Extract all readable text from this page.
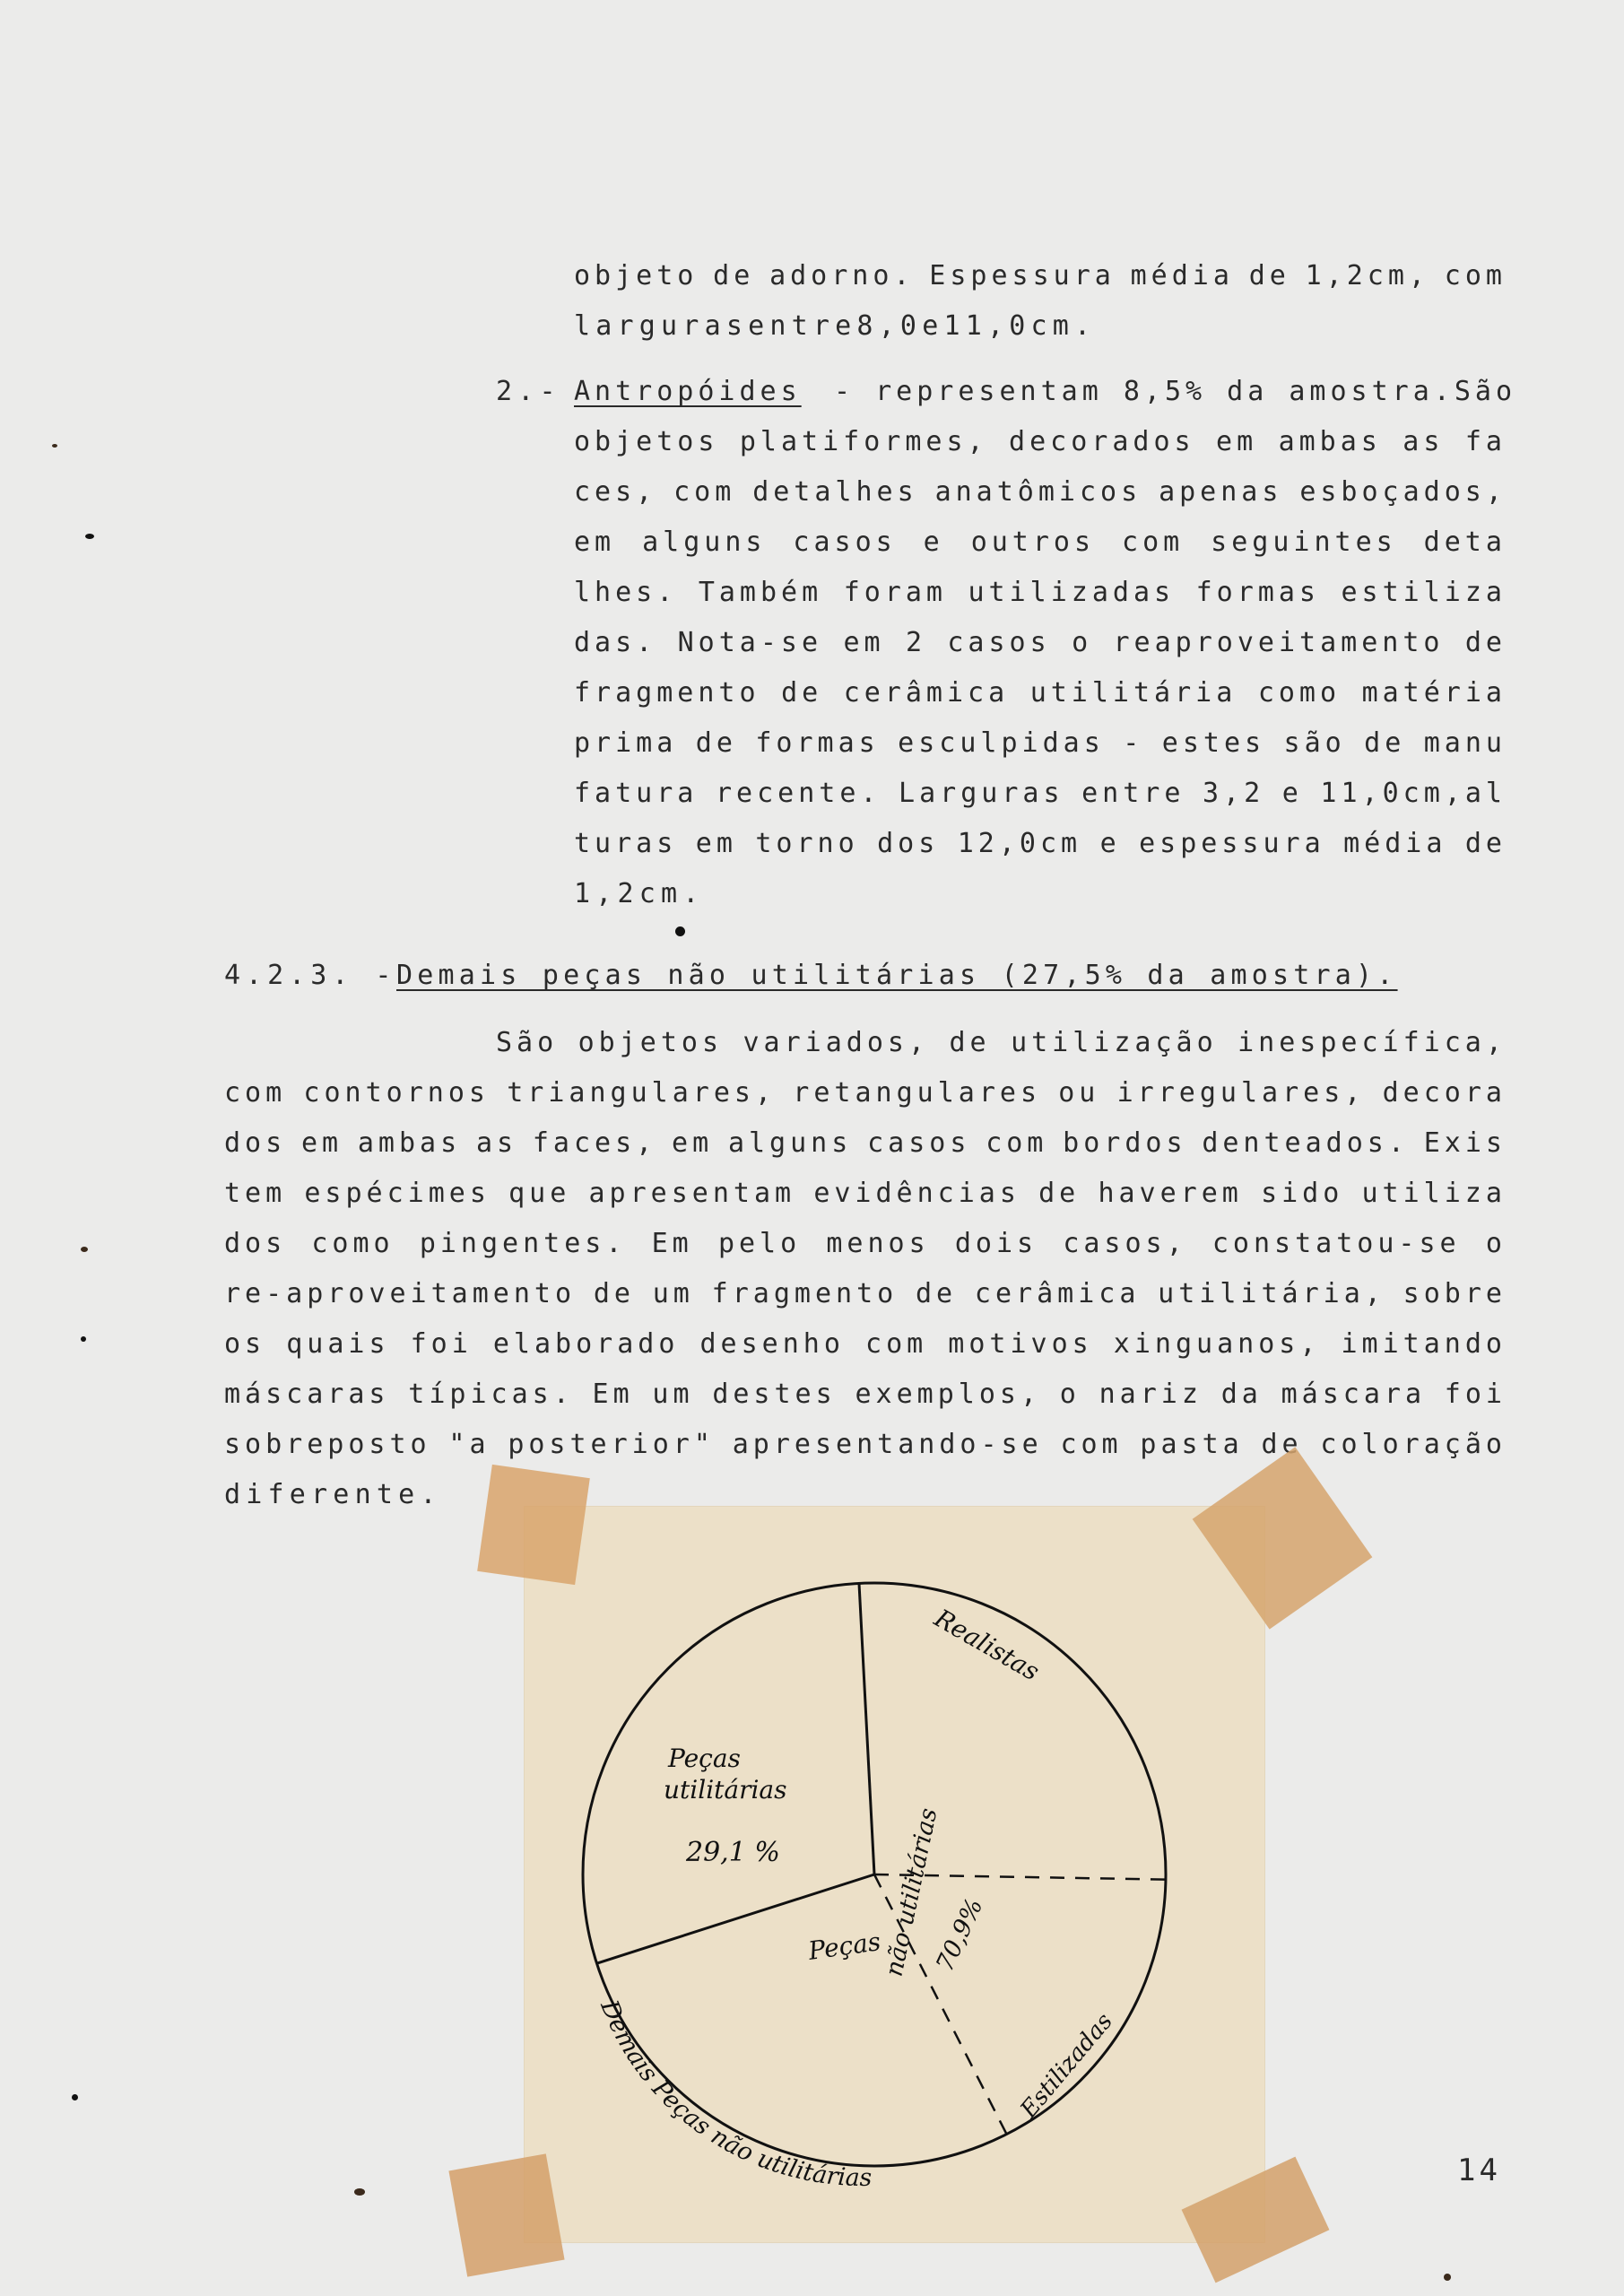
objeto de adorno. Espessura média de 1,2cm, com
largurasentre8,0e11,0cm.
2.- Antropóides - representam 8,5% da amostra. São
objetos platiformes, decorados em ambas as fa
ces, com detalhes anatômicos apenas esboçados,
em alguns casos e outros com seguintes deta
lhes. Também foram utilizadas formas estiliza
das. Nota-se em 2 casos o reaproveitamento de
fragmento de cerâmica utilitária como matéria
prima de formas esculpidas - estes são de manu
fatura recente. Larguras entre 3,2 e 11,0cm,al
turas em torno dos 12,0cm e espessura média de
1,2cm.
4.2.3. - Demais peças não utilitárias (27,5% da amostra).
São objetos variados, de utilização inespecífica,
com contornos triangulares, retangulares ou irregulares, decora
dos em ambas as faces, em alguns casos com bordos denteados. Exis
tem espécimes que apresentam evidências de haverem sido utiliza
dos como pingentes. Em pelo menos dois casos, constatou-se o
re-aproveitamento de um fragmento de cerâmica utilitária, sobre
os quais foi elaborado desenho com motivos xinguanos, imitando
máscaras típicas. Em um destes exemplos, o nariz da máscara foi
sobreposto "a posterior" apresentando-se com pasta de coloração
diferente.
Peças
utilitárias
29,1 %
Realistas
Estilizadas
Demais Peças não utilitárias
Peças
não utilitárias
70,9%
14
